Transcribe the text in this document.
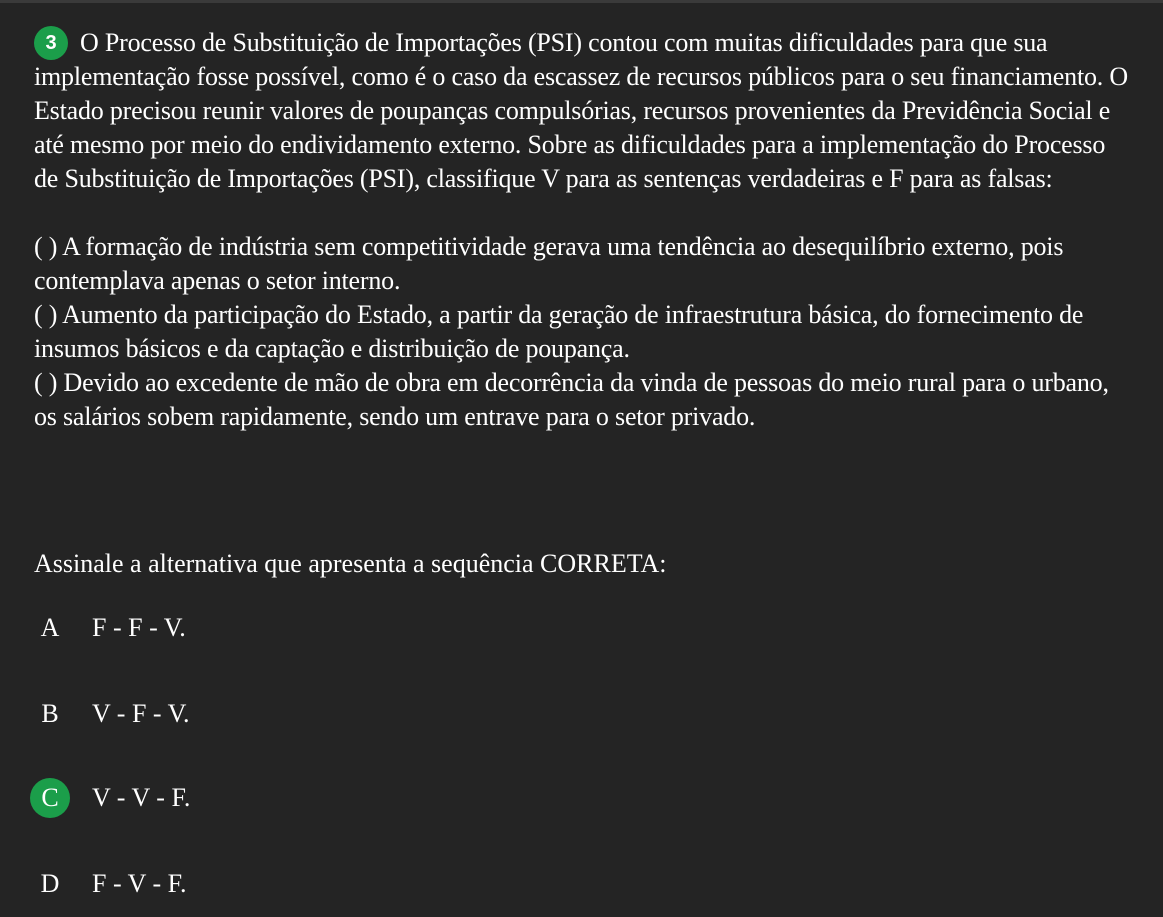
3 O Processo de Substituição de Importações (PSI) contou com muitas dificuldades para que sua implementação fosse possível, como é o caso da escassez de recursos públicos para o seu financiamento. O Estado precisou reunir valores de poupanças compulsórias, recursos provenientes da Previdência Social e até mesmo por meio do endividamento externo. Sobre as dificuldades para a implementação do Processo de Substituição de Importações (PSI), classifique V para as sentenças verdadeiras e F para as falsas:

( ) A formação de indústria sem competitividade gerava uma tendência ao desequilíbrio externo, pois contemplava apenas o setor interno.

( ) Aumento da participação do Estado, a partir da geração de infraestrutura básica, do fornecimento de insumos básicos e da captação e distribuição de poupança.

( ) Devido ao excedente de mão de obra em decorrência da vinda de pessoas do meio rural para o urbano, os salários sobem rapidamente, sendo um entrave para o setor privado.

Assinale a alternativa que apresenta a sequência CORRETA:
A	F - F - V.
B	V - F - V.
C	V - V - F.
D	F - V - F.
